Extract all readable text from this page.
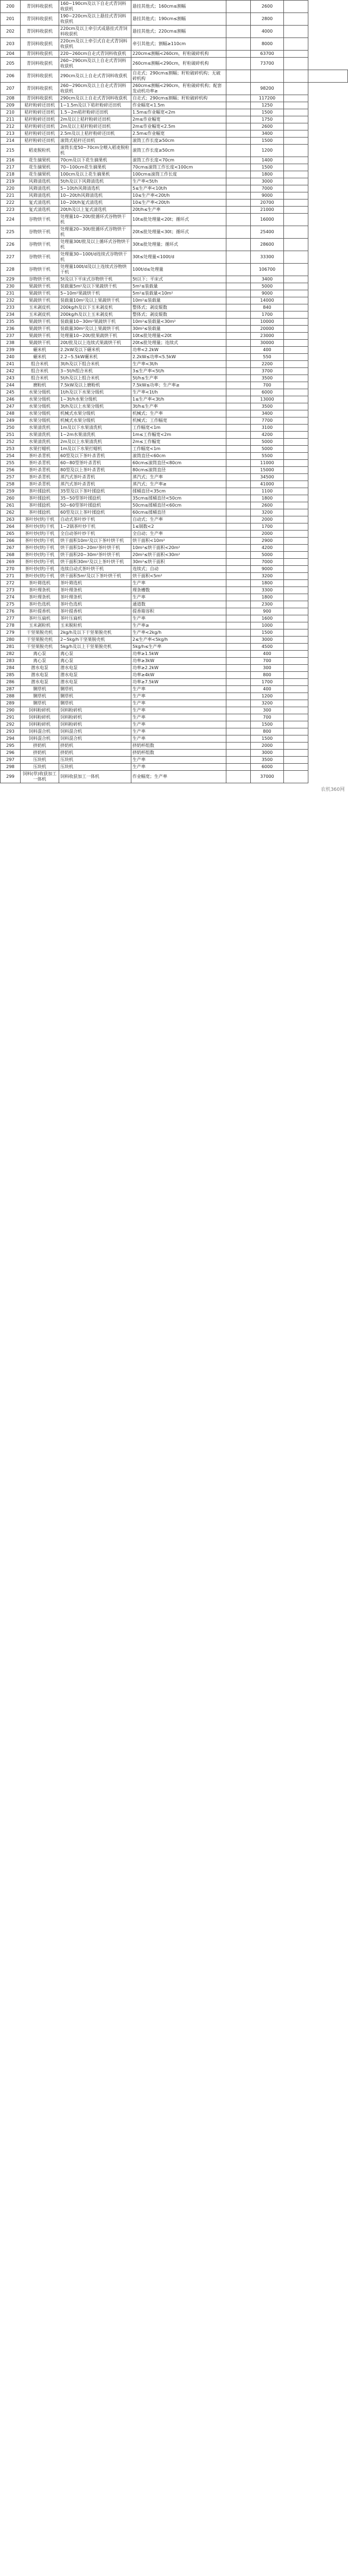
200	青饲料收获机	160~190cm及以下自走式青饲料收获机	悬挂其他式；160cm≤割幅		2600		
201	青饲料收获机	190~220cm及以上悬挂式青饲料收获机	悬挂其他式；190cm≤割幅		2800		
202	青饲料收获机	220cm及以上牵引式或悬挂式青饲料收获机	悬挂其他式；220cm≤割幅		4000		
203	青饲料收获机	220cm及以上牵引式自走式青饲料收获机	牵引其他式；割幅≥110cm		8000		
204	青饲料收获机	220~260cm自走式青饲料收获机	220cm≤割幅<260cm，籽粒破碎机构		63700		
205	青饲料收获机	260~290cm及以上自走式青饲料收获机	260cm≤割幅<290cm，籽粒破碎机构		73700		
206	青饲料收获机	290cm及以上自走式青饲料收获机	自走式；290cm≤割幅；籽粒破碎机构；无破碎机构				
207	青饲料收获机	260~290cm及以上自走式青饲料收获机	260cm≤割幅<290cm，籽粒破碎机构；配套发动机功率≥		98200		
208	青饲料收获机	290cm及以上自走式青饲料收获机	自走式；290cm≤割幅；籽粒破碎机构		117200		
209	秸秆粉碎还田机	1~1.5m及以下秸秆粉碎还田机	作业幅宽<1.5m		1250		
210	秸秆粉碎还田机	1.5~2m秸秆粉碎还田机	1.5m≤作业幅宽<2m		1500		
211	秸秆粉碎还田机	2m及以上秸秆粉碎还田机	2m≤作业幅宽		1750		
212	秸秆粉碎还田机	2m及以上秸秆粉碎还田机	2m≤作业幅宽<2.5m		2600		
213	秸秆粉碎还田机	2.5m及以上秸秆粉碎还田机	2.5m≤作业幅宽		3400		
214	秸秆粉碎还田机	滚筒式秸秆还田机	滚筒工作长度≥50cm		1500		
215	稻麦脱粒机	滚筒长度50~70cm全喂入稻麦脱粒机	滚筒工作长度≥50cm		1200		
216	花生摘果机	70cm及以下花生摘果机	滚筒工作长度<70cm		1400		
217	花生摘果机	70~100cm花生摘果机	70cm≤滚筒工作长度<100cm		1500		
218	花生摘果机	100cm及以上花生摘果机	100cm≤滚筒工作长度		1800		
219	风筛清选机	5t/h及以下风筛清选机	生产率<5t/h		3000		
220	风筛清选机	5~10t/h风筛清选机	5≤生产率<10t/h		7000		
221	风筛清选机	10~20t/h风筛清选机	10≤生产率<20t/h		9000		
222	复式清选机	10~20t/h复式清选机	10≤生产率<20t/h		20700		
223	复式清选机	20t/h及以上复式清选机	20t/h≤生产率		21000		
224	谷物烘干机	处理量10~20t/批循环式谷物烘干机	10t≤批处理量<20t；循环式		16000		
225	谷物烘干机	处理量20~30t/批循环式谷物烘干机	20t≤批处理量<30t；循环式		25400		
226	谷物烘干机	处理量30t/批及以上循环式谷物烘干机	30t≤批处理量；循环式		28600		
227	谷物烘干机	处理量30~100t/d连续式谷物烘干机	30t≤处理量<100t/d		33300		
228	谷物烘干机	处理量100t/d及以上连续式谷物烘干机	100t/d≤处理量		106700		
229	谷物烘干机	5t及以下平床式谷物烘干机	5t以下；平床式		3400		
230	果蔬烘干机	装载量5m²及以下果蔬烘干机	5m²≤装载量		5000		
231	果蔬烘干机	5~10m²果蔬烘干机	5m²≤装载量<10m²		9000		
232	果蔬烘干机	装载量10m²及以上果蔬烘干机	10m²≤装载量		14000		
233	玉米剥皮机	200kg/h及以下玉米剥皮机	整体式；剥皮辊数		840		
234	玉米剥皮机	200kg/h及以上玉米剥皮机	整体式；剥皮辊数		1700		
235	果蔬烘干机	装载量10~30m²果蔬烘干机	10m²≤装载量<30m²		10000		
236	果蔬烘干机	装载量30m²及以上果蔬烘干机	30m²≤装载量		20000		
237	果蔬烘干机	处理量10~20t/批果蔬烘干机	10t≤批处理量<20t		23000		
238	果蔬烘干机	20t/批及以上连续式果蔬烘干机	20t≤批处理量；连续式		30000		
239	碾米机	2.2kW及以下碾米机	功率<2.2kW		400		
240	碾米机	2.2~5.5kW碾米机	2.2kW≤功率<5.5kW		550		
241	组合米机	3t/h及以下组合米机	生产率<3t/h		2200		
242	组合米机	3~5t/h组合米机	3≤生产率<5t/h		3700		
243	组合米机	5t/h及以上组合米机	5t/h≤生产率		3500		
244	磨粉机	7.5kW及以上磨粉机	7.5kW≤功率；生产率≥		700		
245	水果分级机	1t/h及以下水果分级机	生产率<1t/h		6000		
246	水果分级机	1~3t/h水果分级机	1≤生产率<3t/h		13000		
247	水果分级机	3t/h及以上水果分级机	3t/h≤生产率		3500		
248	水果分级机	机械式水果分级机	机械式；生产率		3400		
249	水果分级机	机械式水果分级机	机械式；工作幅宽		7700		
250	水果清洗机	1m及以下水果清洗机	工作幅宽<1m		3100		
251	水果清洗机	1~2m水果清洗机	1m≤工作幅宽<2m		4200		
252	水果清洗机	2m及以上水果清洗机	2m≤工作幅宽		5000		
253	水果打蜡机	1m及以下水果打蜡机	工作幅宽<1m		5000		
254	茶叶杀青机	60型及以下茶叶杀青机	滚筒直径<60cm		5500		
255	茶叶杀青机	60~80型茶叶杀青机	60cm≤滚筒直径<80cm		11000		
256	茶叶杀青机	80型及以上茶叶杀青机	80cm≤滚筒直径		15000		
257	茶叶杀青机	蒸汽式茶叶杀青机	蒸汽式；生产率		34500		
258	茶叶杀青机	蒸汽式茶叶杀青机	蒸汽式；生产率≥		41000		
259	茶叶揉捻机	35型及以下茶叶揉捻机	揉桶直径<35cm		1100		
260	茶叶揉捻机	35~50型茶叶揉捻机	35cm≤揉桶直径<50cm		1800		
261	茶叶揉捻机	50~60型茶叶揉捻机	50cm≤揉桶直径<60cm		2600		
262	茶叶揉捻机	60型及以上茶叶揉捻机	60cm≤揉桶直径		3200		
263	茶叶炒(烘)干机	自动式茶叶炒干机	自动式；生产率		2000		
264	茶叶炒(烘)干机	1~2锅茶叶炒干机	1≤锅数<2		1700		
265	茶叶炒(烘)干机	全自动茶叶炒干机	全自动；生产率		2000		
266	茶叶炒(烘)干机	烘干面积10m²及以下茶叶烘干机	烘干面积<10m²		2900		
267	茶叶炒(烘)干机	烘干面积10~20m²茶叶烘干机	10m²≤烘干面积<20m²		4200		
268	茶叶炒(烘)干机	烘干面积20~30m²茶叶烘干机	20m²≤烘干面积<30m²		5000		
269	茶叶炒(烘)干机	烘干面积30m²及以上茶叶烘干机	30m²≤烘干面积		7000		
270	茶叶炒(烘)干机	连续自动式茶叶烘干机	连续式；自动		9000		
271	茶叶炒(烘)干机	烘干面积5m²及以下茶叶烘干机	烘干面积<5m²		3200		
272	茶叶筛选机	茶叶筛选机	生产率		1800		
273	茶叶理条机	茶叶理条机	理条槽数		3300		
274	茶叶理条机	茶叶理条机	生产率		1800		
275	茶叶色选机	茶叶色选机	通道数		2300		
276	茶叶提香机	茶叶提香机	提香箱容积		900		
277	茶叶压扁机	茶叶压扁机	生产率		1600		
278	玉米剥粒机	玉米脱粒机	生产率≥		1000		
279	干坚果脱壳机	2kg/h及以下干坚果脱壳机	生产率<2kg/h		1500		
280	干坚果脱壳机	2~5kg/h干坚果脱壳机	2≤生产率<5kg/h		3000		
281	干坚果脱壳机	5kg/h及以上干坚果脱壳机	5kg/h≤生产率		4500		
282	离心泵	离心泵	功率≥1.5kW		400		
283	离心泵	离心泵	功率≥3kW		700		
284	潜水电泵	潜水电泵	功率≥2.2kW		300		
285	潜水电泵	潜水电泵	功率≥4kW		800		
286	潜水电泵	潜水电泵	功率≥7.5kW		1700		
287	铡草机	铡草机	生产率		400		
288	铡草机	铡草机	生产率		1200		
289	铡草机	铡草机	生产率		3200		
290	饲料粉碎机	饲料粉碎机	生产率		300		
291	饲料粉碎机	饲料粉碎机	生产率		700		
292	饲料粉碎机	饲料粉碎机	生产率		1500		
293	饲料混合机	饲料混合机	生产率		800		
294	饲料混合机	饲料混合机	生产率		1500		
295	挤奶机	挤奶机	挤奶杯组数		2000		
296	挤奶机	挤奶机	挤奶杯组数		3000		
297	压块机	压块机	生产率		3500		
298	压块机	压块机	生产率		6000		
299	饲料(草)收获加工一体机	饲料收获加工一体机	作业幅宽；生产率		37000		
农机360网
